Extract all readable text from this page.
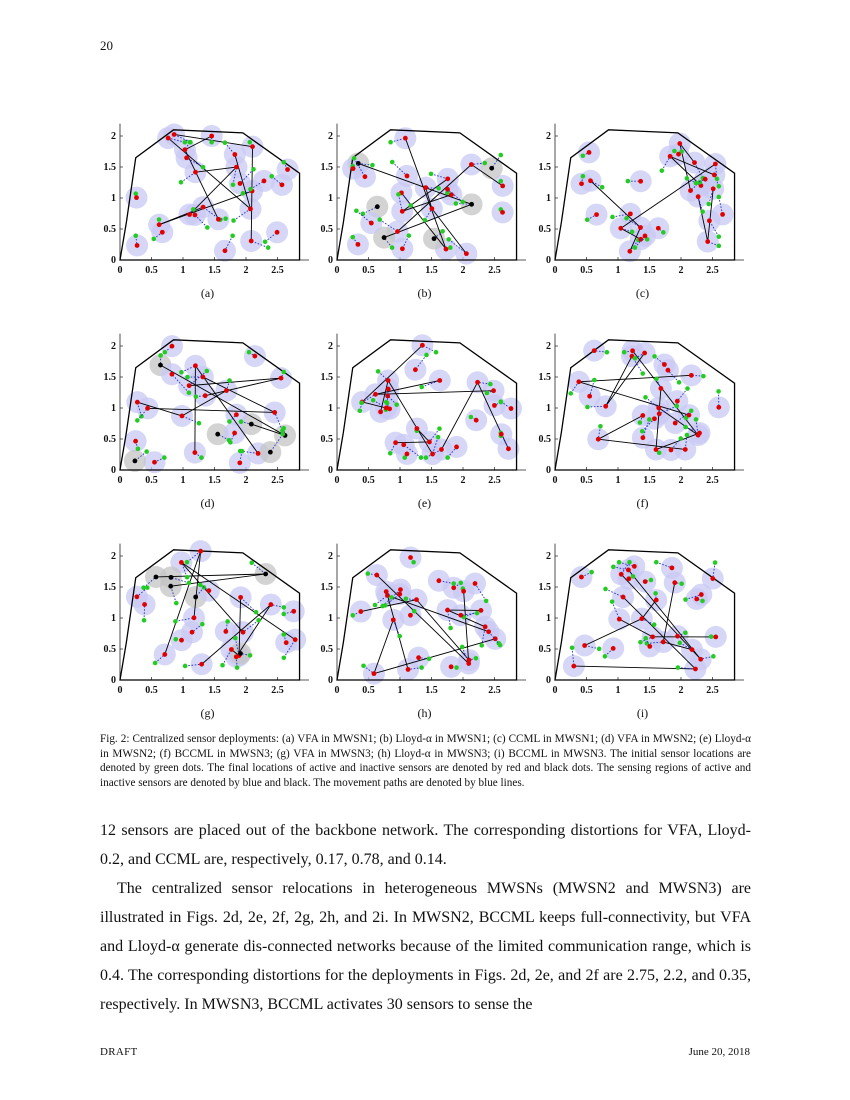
20
0 0.5 1 1.5 2 2.5
0
0.5
1
1.5
2
(a)
0 0.5 1 1.5 2 2.5
0
0.5
1
1.5
2
(b)
0 0.5 1 1.5 2 2.5
0
0.5
1
1.5
2
(c)
0 0.5 1 1.5 2 2.5
0
0.5
1
1.5
2
(d)
0 0.5 1 1.5 2 2.5
0
0.5
1
1.5
2
(e)
0 0.5 1 1.5 2 2.5
0
0.5
1
1.5
2
(f)
0 0.5 1 1.5 2 2.5
0
0.5
1
1.5
2
(g)
0 0.5 1 1.5 2 2.5
0
0.5
1
1.5
2
(h)
0 0.5 1 1.5 2 2.5
0
0.5
1
1.5
2
(i)
Fig. 2: Centralized sensor deployments: (a) VFA in MWSN1; (b) Lloyd-α in MWSN1; (c) CCML in MWSN1; (d) VFA in MWSN2; (e) Lloyd-α in MWSN2; (f) BCCML in MWSN3; (g) VFA in MWSN3; (h) Lloyd-α in MWSN3; (i) BCCML in MWSN3. The initial sensor locations are denoted by green dots. The final locations of active and inactive sensors are denoted by red and black dots. The sensing regions of active and inactive sensors are denoted by blue and black. The movement paths are denoted by blue lines.

12 sensors are placed out of the backbone network. The corresponding distortions for VFA, Lloyd-0.2, and CCML are, respectively, 0.17, 0.78, and 0.14.

The centralized sensor relocations in heterogeneous MWSNs (MWSN2 and MWSN3) are illustrated in Figs. 2d, 2e, 2f, 2g, 2h, and 2i. In MWSN2, BCCML keeps full-connectivity, but VFA and Lloyd-α generate dis-connected networks because of the limited communication range, which is 0.4. The corresponding distortions for the deployments in Figs. 2d, 2e, and 2f are 2.75, 2.2, and 0.35, respectively. In MWSN3, BCCML activates 30 sensors to sense the

DRAFT	June 20, 2018
